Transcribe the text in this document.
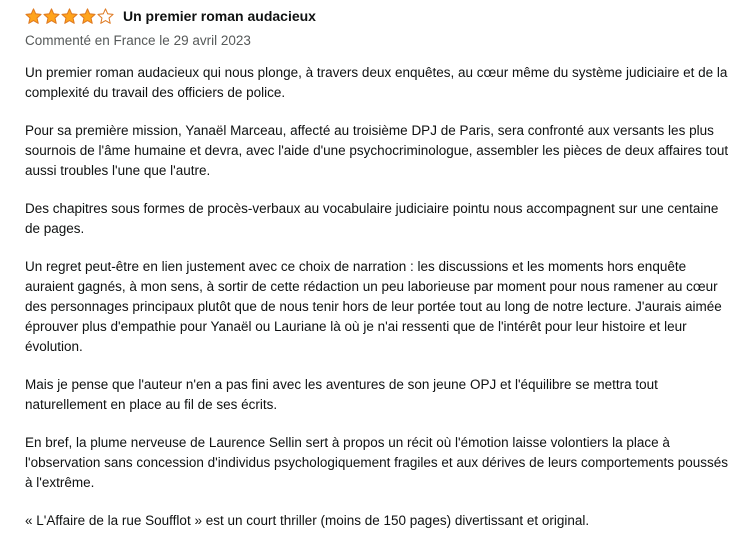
Un premier roman audacieux
Commenté en France le 29 avril 2023

Un premier roman audacieux qui nous plonge, à travers deux enquêtes, au cœur même du système judiciaire et de la complexité du travail des officiers de police.

Pour sa première mission, Yanaël Marceau, affecté au troisième DPJ de Paris, sera confronté aux versants les plus sournois de l'âme humaine et devra, avec l'aide d'une psychocriminologue, assembler les pièces de deux affaires tout aussi troubles l'une que l'autre.

Des chapitres sous formes de procès-verbaux au vocabulaire judiciaire pointu nous accompagnent sur une centaine de pages.

Un regret peut-être en lien justement avec ce choix de narration : les discussions et les moments hors enquête auraient gagnés, à mon sens, à sortir de cette rédaction un peu laborieuse par moment pour nous ramener au cœur des personnages principaux plutôt que de nous tenir hors de leur portée tout au long de notre lecture. J'aurais aimée éprouver plus d'empathie pour Yanaël ou Lauriane là où je n'ai ressenti que de l'intérêt pour leur histoire et leur évolution.

Mais je pense que l'auteur n'en a pas fini avec les aventures de son jeune OPJ et l'équilibre se mettra tout naturellement en place au fil de ses écrits.

En bref, la plume nerveuse de Laurence Sellin sert à propos un récit où l'émotion laisse volontiers la place à l'observation sans concession d'individus psychologiquement fragiles et aux dérives de leurs comportements poussés à l'extrême.

« L'Affaire de la rue Soufflot » est un court thriller (moins de 150 pages) divertissant et original.
